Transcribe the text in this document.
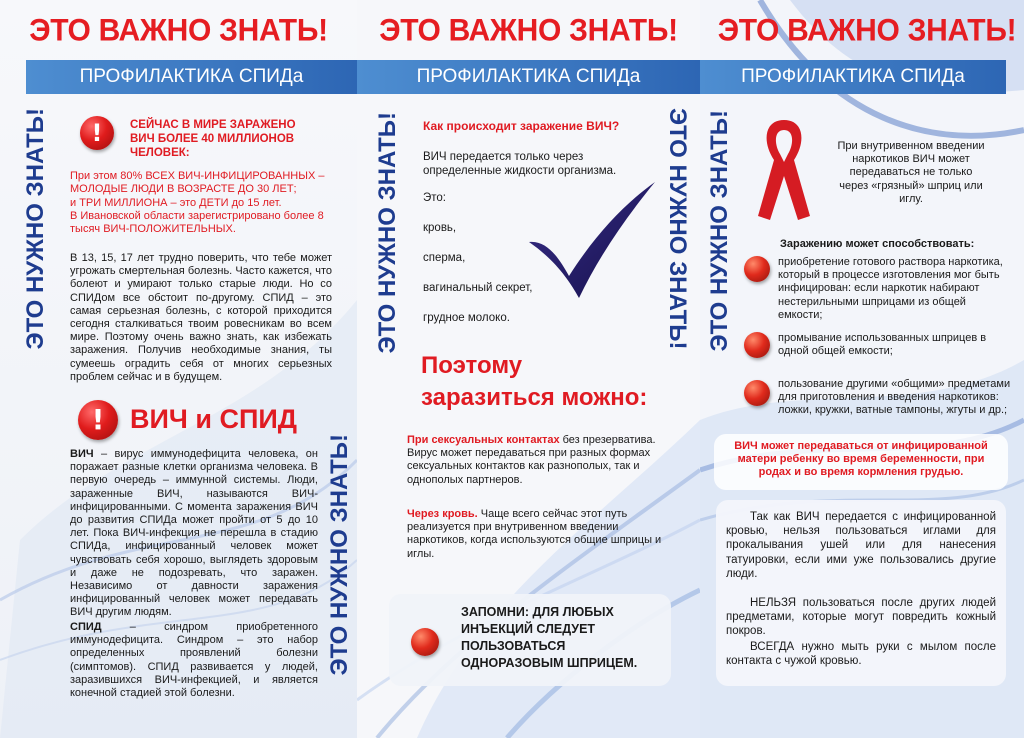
ЭТО ВАЖНО ЗНАТЬ!
ПРОФИЛАКТИКА СПИДа
ЭТО НУЖНО ЗНАТЬ!	!	СЕЙЧАС В МИРЕ ЗАРАЖЕНО ВИЧ БОЛЕЕ 40 МИЛЛИОНОВ ЧЕЛОВЕК:
При этом 80% ВСЕХ ВИЧ-ИНФИЦИРОВАННЫХ – МОЛОДЫЕ ЛЮДИ В ВОЗРАСТЕ ДО 30 ЛЕТ;
и ТРИ МИЛЛИОНА – это ДЕТИ до 15 лет.
В Ивановской области зарегистрировано более 8 тысяч ВИЧ-ПОЛОЖИТЕЛЬНЫХ.
В 13, 15, 17 лет трудно поверить, что тебе может угрожать смертельная болезнь. Часто кажется, что болеют и умирают только старые люди. Но со СПИДом все обстоит по-другому. СПИД – это самая серьезная болезнь, с которой приходится сегодня сталкиваться твоим ровесникам во всем мире. Поэтому очень важно знать, как избежать заражения. Получив необходимые знания, ты сумеешь оградить себя от многих серьезных проблем сейчас и в будущем.
! ВИЧ и СПИД
ВИЧ – вирус иммунодефицита человека, он поражает разные клетки организма человека. В первую очередь – иммунной системы. Люди, зараженные ВИЧ, называются ВИЧ-инфицированными. С момента заражения ВИЧ до развития СПИДа может пройти от 5 до 10 лет. Пока ВИЧ-инфекция не перешла в стадию СПИДа, инфицированный человек может чувствовать себя хорошо, выглядеть здоровым и даже не подозревать, что заражен. Независимо от давности заражения инфицированный человек может передавать ВИЧ другим людям.
СПИД – синдром приобретенного иммунодефицита. Синдром – это набор определенных проявлений болезни (симптомов). СПИД развивается у людей, заразившихся ВИЧ-инфекцией, и является конечной стадией этой болезни.
ЭТО НУЖНО ЗНАТЬ!
ЭТО ВАЖНО ЗНАТЬ!
ПРОФИЛАКТИКА СПИДа
ЭТО НУЖНО ЗНАТЬ!	ЭТО НУЖНО ЗНАТЬ!
Как происходит заражение ВИЧ?
ВИЧ передается только через определенные жидкости организма.
Это:
кровь,
сперма,
вагинальный секрет,
грудное молоко.
Поэтому
заразиться можно:
При сексуальных контактах без презерватива. Вирус может передаваться при разных формах сексуальных контактов как разнополых, так и однополых партнеров.
Через кровь. Чаще всего сейчас этот путь реализуется при внутривенном введении наркотиков, когда используются общие шприцы и иглы.
ЗАПОМНИ: ДЛЯ ЛЮБЫХ ИНЪЕКЦИЙ СЛЕДУЕТ ПОЛЬЗОВАТЬСЯ ОДНОРАЗОВЫМ ШПРИЦЕМ.
ЭТО ВАЖНО ЗНАТЬ!
ПРОФИЛАКТИКА СПИДа
ЭТО НУЖНО ЗНАТЬ!	При внутривенном введении наркотиков ВИЧ может передаваться не только через «грязный» шприц или иглу.
Заражению может способствовать:
приобретение готового раствора наркотика, который в процессе изготовления мог быть инфицирован: если наркотик набирают нестерильными шприцами из общей емкости;
промывание использованных шприцев в одной общей емкости;
пользование другими «общими» предметами для приготовления и введения наркотиков: ложки, кружки, ватные тампоны, жгуты и др.;
ВИЧ может передаваться от инфицированной матери ребенку во время беременности, при родах и во время кормления грудью.
Так как ВИЧ передается с инфицированной кровью, нельзя пользоваться иглами для прокалывания ушей или для нанесения татуировки, если ими уже пользовались другие люди.
НЕЛЬЗЯ пользоваться после других людей предметами, которые могут повредить кожный покров.
ВСЕГДА нужно мыть руки с мылом после контакта с чужой кровью.
